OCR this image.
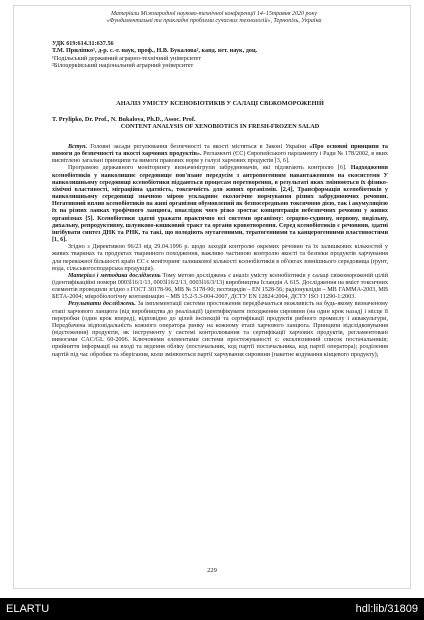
Матеріали Міжнародної науково-технічної конференції 14–15травня 2020 року
«Фундаментальні та прикладні проблеми сучасних технологій», Тернопіль, Україна
УДК 619:614.31:637.56
Т.М. Приліпко¹, д-р. с.-г. наук, проф., Н.В. Букалова², канд. вет. наук, доц.
¹Подільський державний аграрно-технічний університет
²Білоцерківський національний аграрний університет
АНАЛІЗ УМІСТУ КСЕНОБІОТИКІВ У САЛАЦІ СВІЖОМОРОЖЕНІЙ
T. Prylipko, Dr. Prof., N. Bukalova, Ph.D., Assoc. Prof.
CONTENT ANALYSIS OF XENOBIOTICS IN FRESH-FROZEN SALAD

Вступ. Головні засади регулювання безпечності та якості містяться в Законі України «Про основні принципи та вимоги до безпечності та якості харчових продуктів». Регламенті (ЄС) Європейського парламенту і Ради № 178/2002, в яких висвітлено загальні принципи та вимоги правових норм у галузі харчових продуктів [3, 6].

Програмою державного моніторингу визначенігрупи забруднювачів, які підлягають контролю [6]. Надходження ксенобіотиків у навколишнє середовище пов'язане передусім з антропогенним навантаженням на екосистеми У навколишньому середовищі ксенобіотики піддаються процесам перетворення, в результаті яких змінюються їх фізико-хімічні властивості, міграційна здатність, токсичність для живих організмів. [2,4], Трансформація ксенобіотиків у навколишньому середовищі значною мірою ускладнює екологічне нормування різних забруднюючих речовин. Негативний вплив ксенобіотиків на живі організми обумовлений як безпосередньою токсичною дією, так і акумуляцією їх на різних ланках трофічного ланцюга, внаслідок чого різко зростає концентрація небезпечних речовин у живих організмах [5]. Ксенобіотики здатні уражати практично всі системи організму: серцево-судинну, нервову, видільну, дихальну, репродуктивну, шлунково-кишковий тракт та органи кровотворення. Серед ксенобіотиків є речовини, здатні інгібувати синтез ДНК та РНК, та такі, що володіють мутагенними, тератогенними та канцерогенними властивостями [1, 6].

Згідно з Директивою 96/23 від 29.04.1996 р. щодо заходів контролю окремих речовин та їх залишкових кількостей у живих тваринах та продуктах тваринного походження, важливо частиною контролю якості та безпеки продуктів харчування для переважної більшості країн ЄС є моніторинг залишкової кількості ксенобіотиків в об'єктах зовнішнього середовища (ґрунт, вода, сільськогосподарська продукція).

Матеріал і методика досліджень Тому метою досліджень є аналіз умісту ксенобіотиків у салаці свіжомороженій цілій (ідентифікаційні номери 0003l16/1/13, 0003l16/2/13, 0003l16/3/13) виробництва Ісландія А 615. Дослідження на вміст токсичних елементів проводили згідно з ГОСТ 30178-96, МВ № 5178-90; пестицидів – EN 1528-56; радіонуклідів – МВ ГАММА-2003, МВ БЕТА-2004; мікробіологічну контамінацію – МВ 15.2-5.3-004-2007, ДСТУ EN 12824:2004, ДСТУ ISO 11290-1:2003.

Результати досліджень. За імплементації системи простеження передбачається можливість на будь-якому визначеному етапі харчового ланцюга (від виробництва до реалізації) ідентифікувати походження сировини (на один крок назад) і місце її переробки (один крок вперед), відповідно до цілей інспекцій та сертифікації продуктів рибного промислу і аквакультури, Передбачена відповідальність кожного оператора ринку на кожному етапі харчового ланцюга. Принципи відслідковування (відстеження) продуктів, як інструменту у системі контролювання та сертифікації харчових продуктів, регламентовані вимогами CAC/GL 60-2006. Ключовими елементами системи простежуваності є: ексклюзивний список постачальників; прийняття інформації на вході та ведення обліку (постачальник, код партії постачальника, код партії оператора); розділення партій під час обробки та зберігання, коли змінюються партії харчування сировини (пакетне кодування кінцевого продукту);

229
ELARTU	hdl:lib/31809
